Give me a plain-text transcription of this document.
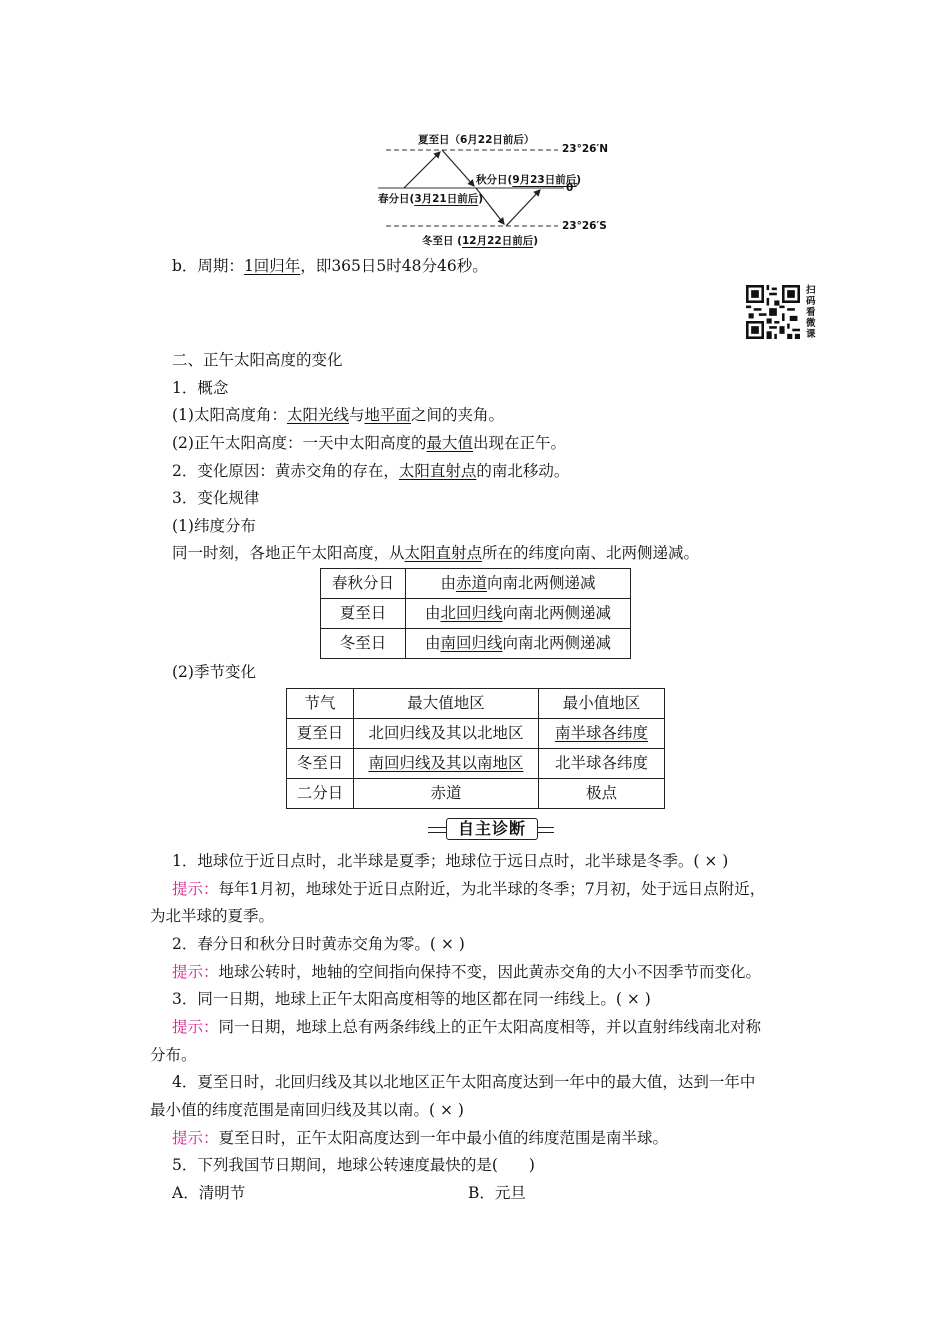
夏至日（6月22日前后）
23°26′N
秋分日(9月23日前后)
0°
春分日(3月21日前后)
23°26′S
冬至日 (12月22日前后)
b．周期：1回归年，即365日5时48分46秒。
扫
码
看
微
课
二、正午太阳高度的变化
1．概念
(1)太阳高度角：太阳光线与地平面之间的夹角。
(2)正午太阳高度：一天中太阳高度的最大值出现在正午。
2．变化原因：黄赤交角的存在，太阳直射点的南北移动。
3．变化规律
(1)纬度分布
同一时刻，各地正午太阳高度，从太阳直射点所在的纬度向南、北两侧递减。
春秋分日	由赤道向南北两侧递减
夏至日	由北回归线向南北两侧递减
冬至日	由南回归线向南北两侧递减
(2)季节变化
节气	最大值地区	最小值地区
夏至日	北回归线及其以北地区	南半球各纬度
冬至日	南回归线及其以南地区	北半球各纬度
二分日	赤道	极点
自主诊断
1．地球位于近日点时，北半球是夏季；地球位于远日点时，北半球是冬季。( × )
提示：每年1月初，地球处于近日点附近，为北半球的冬季；7月初，处于远日点附近，
为北半球的夏季。
2．春分日和秋分日时黄赤交角为零。( × )
提示：地球公转时，地轴的空间指向保持不变，因此黄赤交角的大小不因季节而变化。
3．同一日期，地球上正午太阳高度相等的地区都在同一纬线上。( × )
提示：同一日期，地球上总有两条纬线上的正午太阳高度相等，并以直射纬线南北对称
分布。
4．夏至日时，北回归线及其以北地区正午太阳高度达到一年中的最大值，达到一年中
最小值的纬度范围是南回归线及其以南。( × )
提示：夏至日时，正午太阳高度达到一年中最小值的纬度范围是南半球。
5．下列我国节日期间，地球公转速度最快的是(　　)
A．清明节	B．元旦
